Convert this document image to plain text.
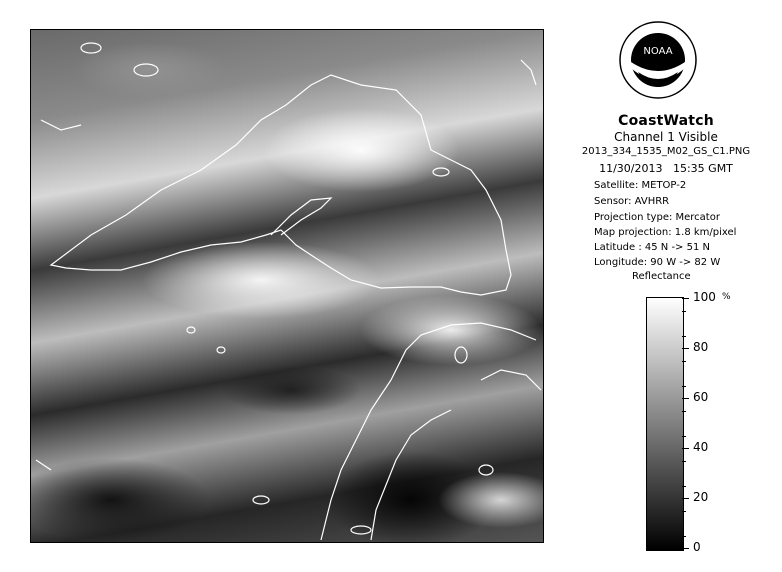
NOAA
CoastWatch
Channel 1 Visible
2013_334_1535_M02_GS_C1.PNG
11/30/2013   15:35 GMT
Satellite: METOP-2
Sensor: AVHRR
Projection type: Mercator
Map projection: 1.8 km/pixel
Latitude : 45 N -> 51 N
Longitude: 90 W -> 82 W
Reflectance
%
100
80
60
40
20
0
